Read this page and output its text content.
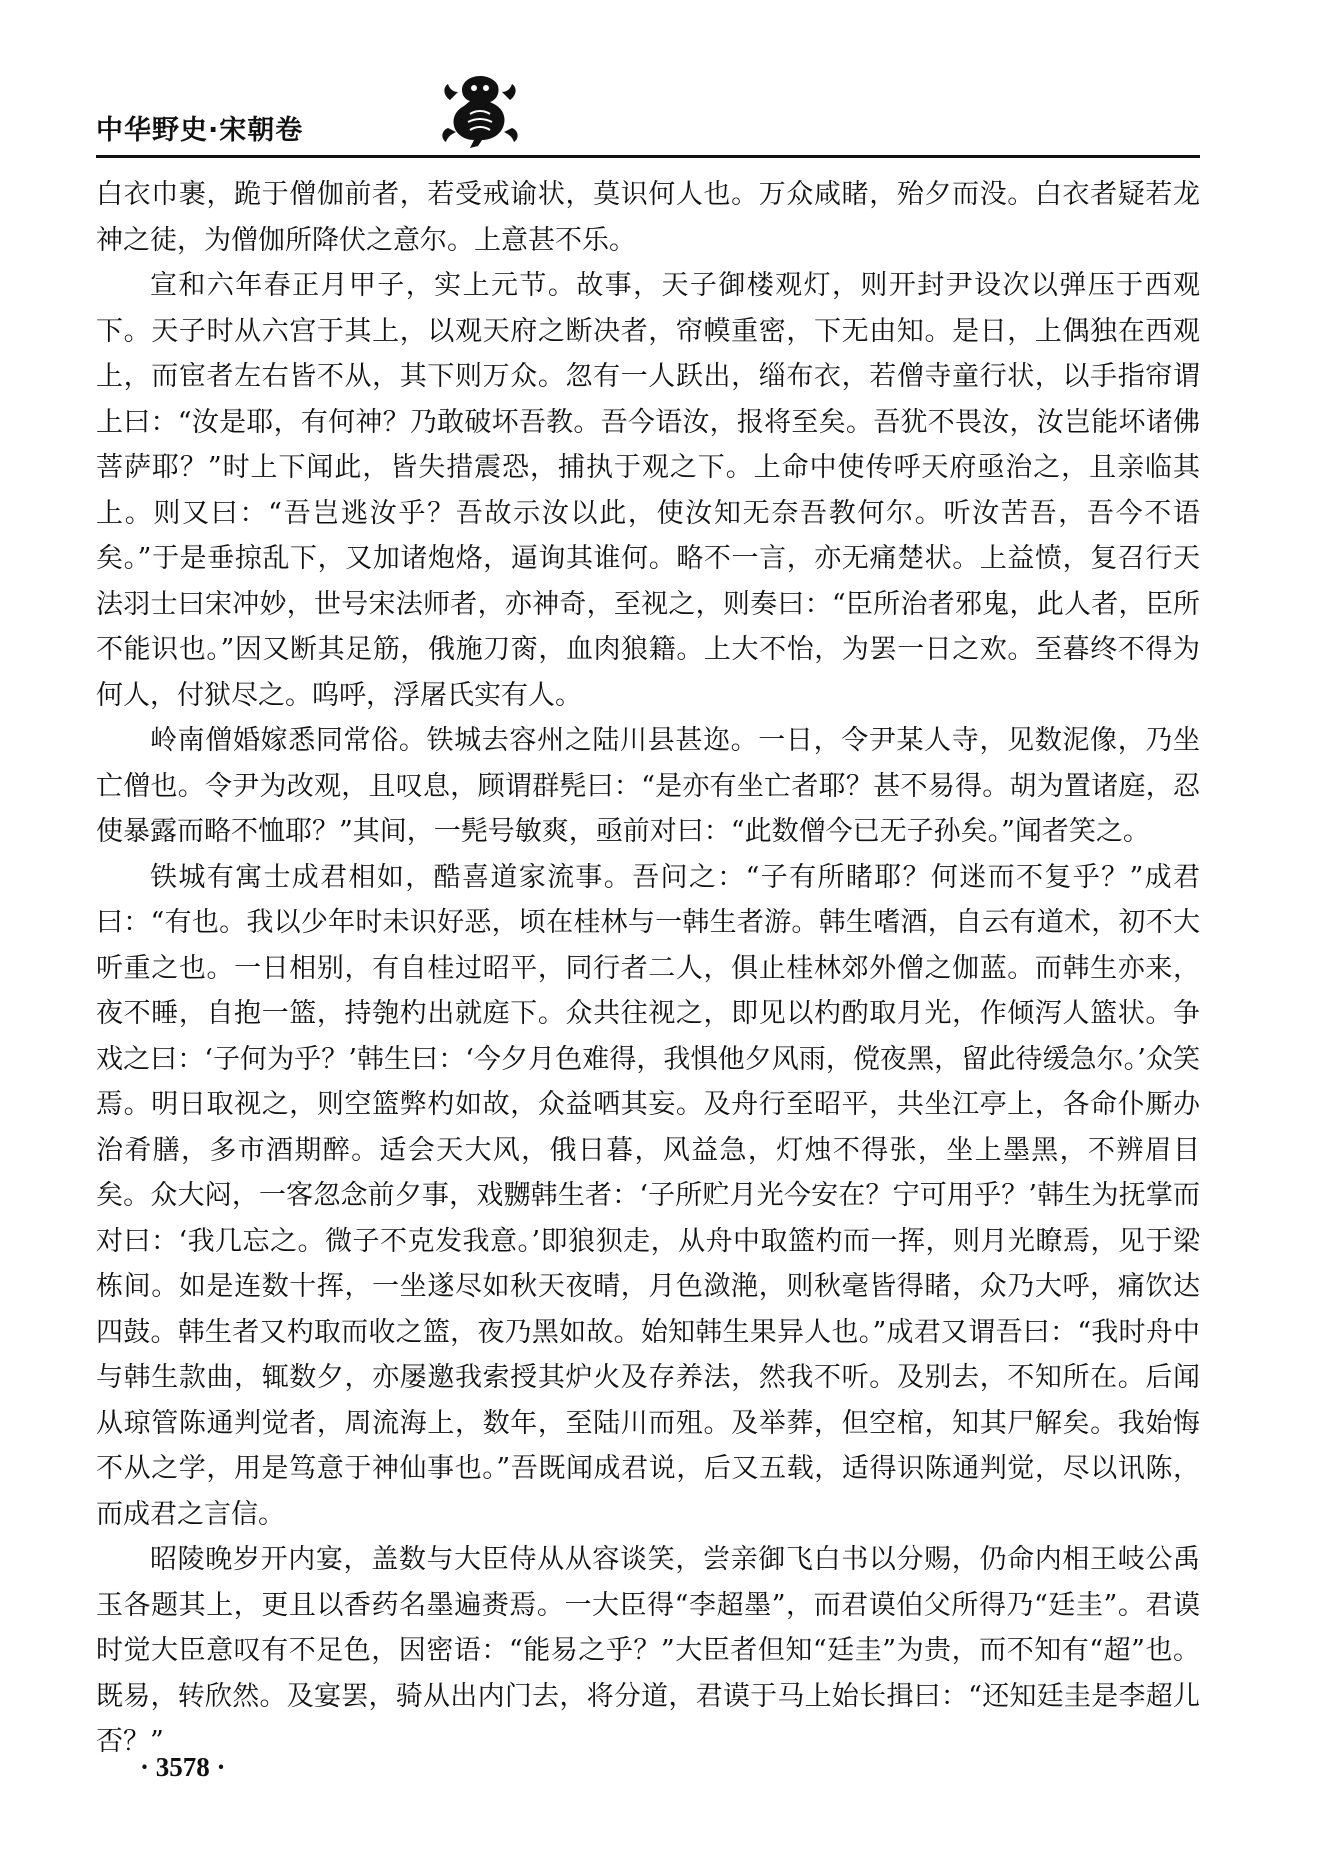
中华野史·宋朝卷

白衣巾裹，跪于僧伽前者，若受戒谕状，莫识何人也。万众咸睹，殆夕而没。白衣者疑若龙神之徒，为僧伽所降伏之意尔。上意甚不乐。

宣和六年春正月甲子，实上元节。故事，天子御楼观灯，则开封尹设次以弹压于西观下。天子时从六宫于其上，以观天府之断决者，帘幙重密，下无由知。是日，上偶独在西观上，而宦者左右皆不从，其下则万众。忽有一人跃出，缁布衣，若僧寺童行状，以手指帘谓上曰：“汝是耶，有何神？乃敢破坏吾教。吾今语汝，报将至矣。吾犹不畏汝，汝岂能坏诸佛菩萨耶？”时上下闻此，皆失措震恐，捕执于观之下。上命中使传呼天府亟治之，且亲临其上。则又曰：“吾岂逃汝乎？吾故示汝以此，使汝知无奈吾教何尔。听汝苦吾，吾今不语矣。”于是垂掠乱下，又加诸炮烙，逼询其谁何。略不一言，亦无痛楚状。上益愤，复召行天法羽士曰宋冲妙，世号宋法师者，亦神奇，至视之，则奏曰：“臣所治者邪鬼，此人者，臣所不能识也。”因又断其足筋，俄施刀脔，血肉狼籍。上大不怡，为罢一日之欢。至暮终不得为何人，付狱尽之。呜呼，浮屠氏实有人。

岭南僧婚嫁悉同常俗。铁城去容州之陆川县甚迩。一日，令尹某人寺，见数泥像，乃坐亡僧也。令尹为改观，且叹息，顾谓群髡曰：“是亦有坐亡者耶？甚不易得。胡为置诸庭，忍使暴露而略不恤耶？”其间，一髡号敏爽，亟前对曰：“此数僧今已无子孙矣。”闻者笑之。

铁城有寓士成君相如，酷喜道家流事。吾问之：“子有所睹耶？何迷而不复乎？”成君曰：“有也。我以少年时未识好恶，顷在桂林与一韩生者游。韩生嗜酒，自云有道术，初不大听重之也。一日相别，有自桂过昭平，同行者二人，俱止桂林郊外僧之伽蓝。而韩生亦来，夜不睡，自抱一篮，持匏杓出就庭下。众共往视之，即见以杓酌取月光，作倾泻人篮状。争戏之曰：‘子何为乎？’韩生曰：‘今夕月色难得，我惧他夕风雨，傥夜黑，留此待缓急尔。’众笑焉。明日取视之，则空篮弊杓如故，众益哂其妄。及舟行至昭平，共坐江亭上，各命仆厮办治肴膳，多市酒期醉。适会天大风，俄日暮，风益急，灯烛不得张，坐上墨黑，不辨眉目矣。众大闷，一客忽念前夕事，戏嬲韩生者：‘子所贮月光今安在？宁可用乎？’韩生为抚掌而对曰：‘我几忘之。微子不克发我意。’即狼狈走，从舟中取篮杓而一挥，则月光瞭焉，见于梁栋间。如是连数十挥，一坐遂尽如秋天夜晴，月色潋滟，则秋毫皆得睹，众乃大呼，痛饮达四鼓。韩生者又杓取而收之篮，夜乃黑如故。始知韩生果异人也。”成君又谓吾曰：“我时舟中与韩生款曲，辄数夕，亦屡邀我索授其炉火及存养法，然我不听。及别去，不知所在。后闻从琼管陈通判觉者，周流海上，数年，至陆川而殂。及举葬，但空棺，知其尸解矣。我始悔不从之学，用是笃意于神仙事也。”吾既闻成君说，后又五载，适得识陈通判觉，尽以讯陈，而成君之言信。

昭陵晚岁开内宴，盖数与大臣侍从从容谈笑，尝亲御飞白书以分赐，仍命内相王岐公禹玉各题其上，更且以香药名墨遍赉焉。一大臣得“李超墨”，而君谟伯父所得乃“廷圭”。君谟时觉大臣意叹有不足色，因密语：“能易之乎？”大臣者但知“廷圭”为贵，而不知有“超”也。既易，转欣然。及宴罢，骑从出内门去，将分道，君谟于马上始长揖曰：“还知廷圭是李超儿否？”

· 3578 ·
